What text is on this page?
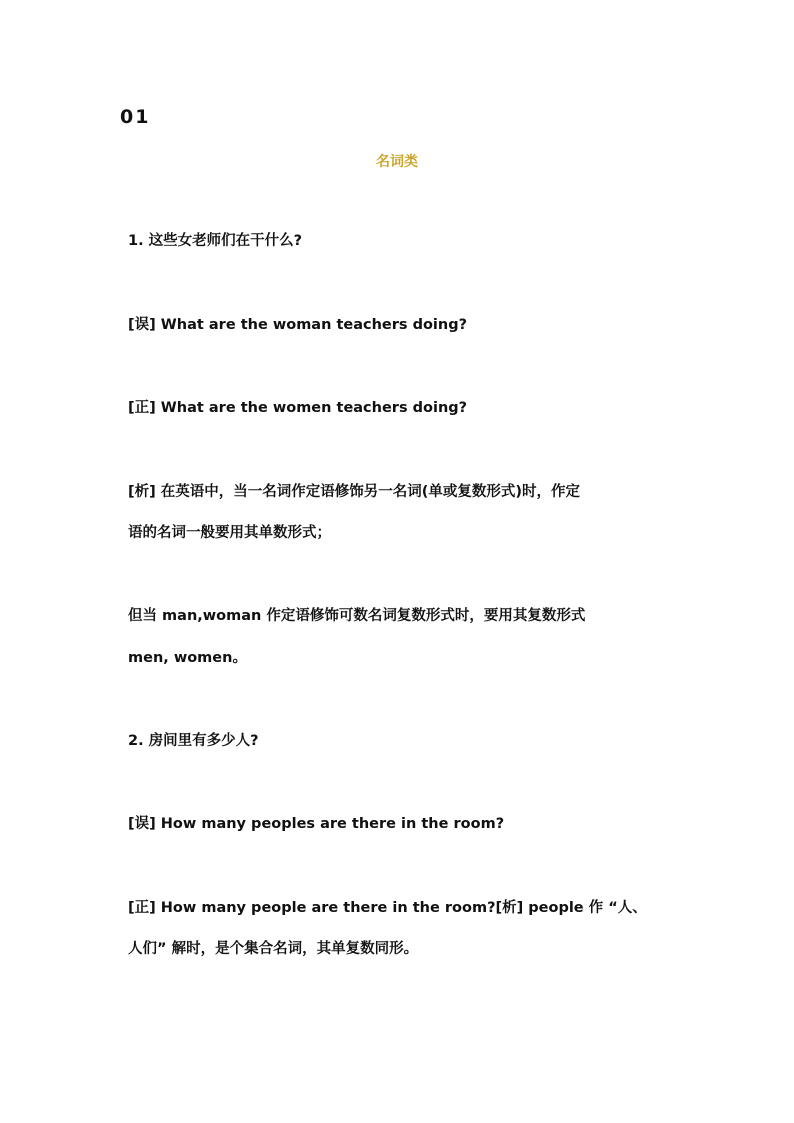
01

名词类

1. 这些女老师们在干什么?

[误] What are the woman teachers doing?

[正] What are the women teachers doing?

[析] 在英语中，当一名词作定语修饰另一名词(单或复数形式)时，作定

语的名词一般要用其单数形式；

但当 man,woman 作定语修饰可数名词复数形式时，要用其复数形式

men, women。

2. 房间里有多少人?

[误] How many peoples are there in the room?

[正] How many people are there in the room?[析] people 作 “人、

人们” 解时，是个集合名词，其单复数同形。
